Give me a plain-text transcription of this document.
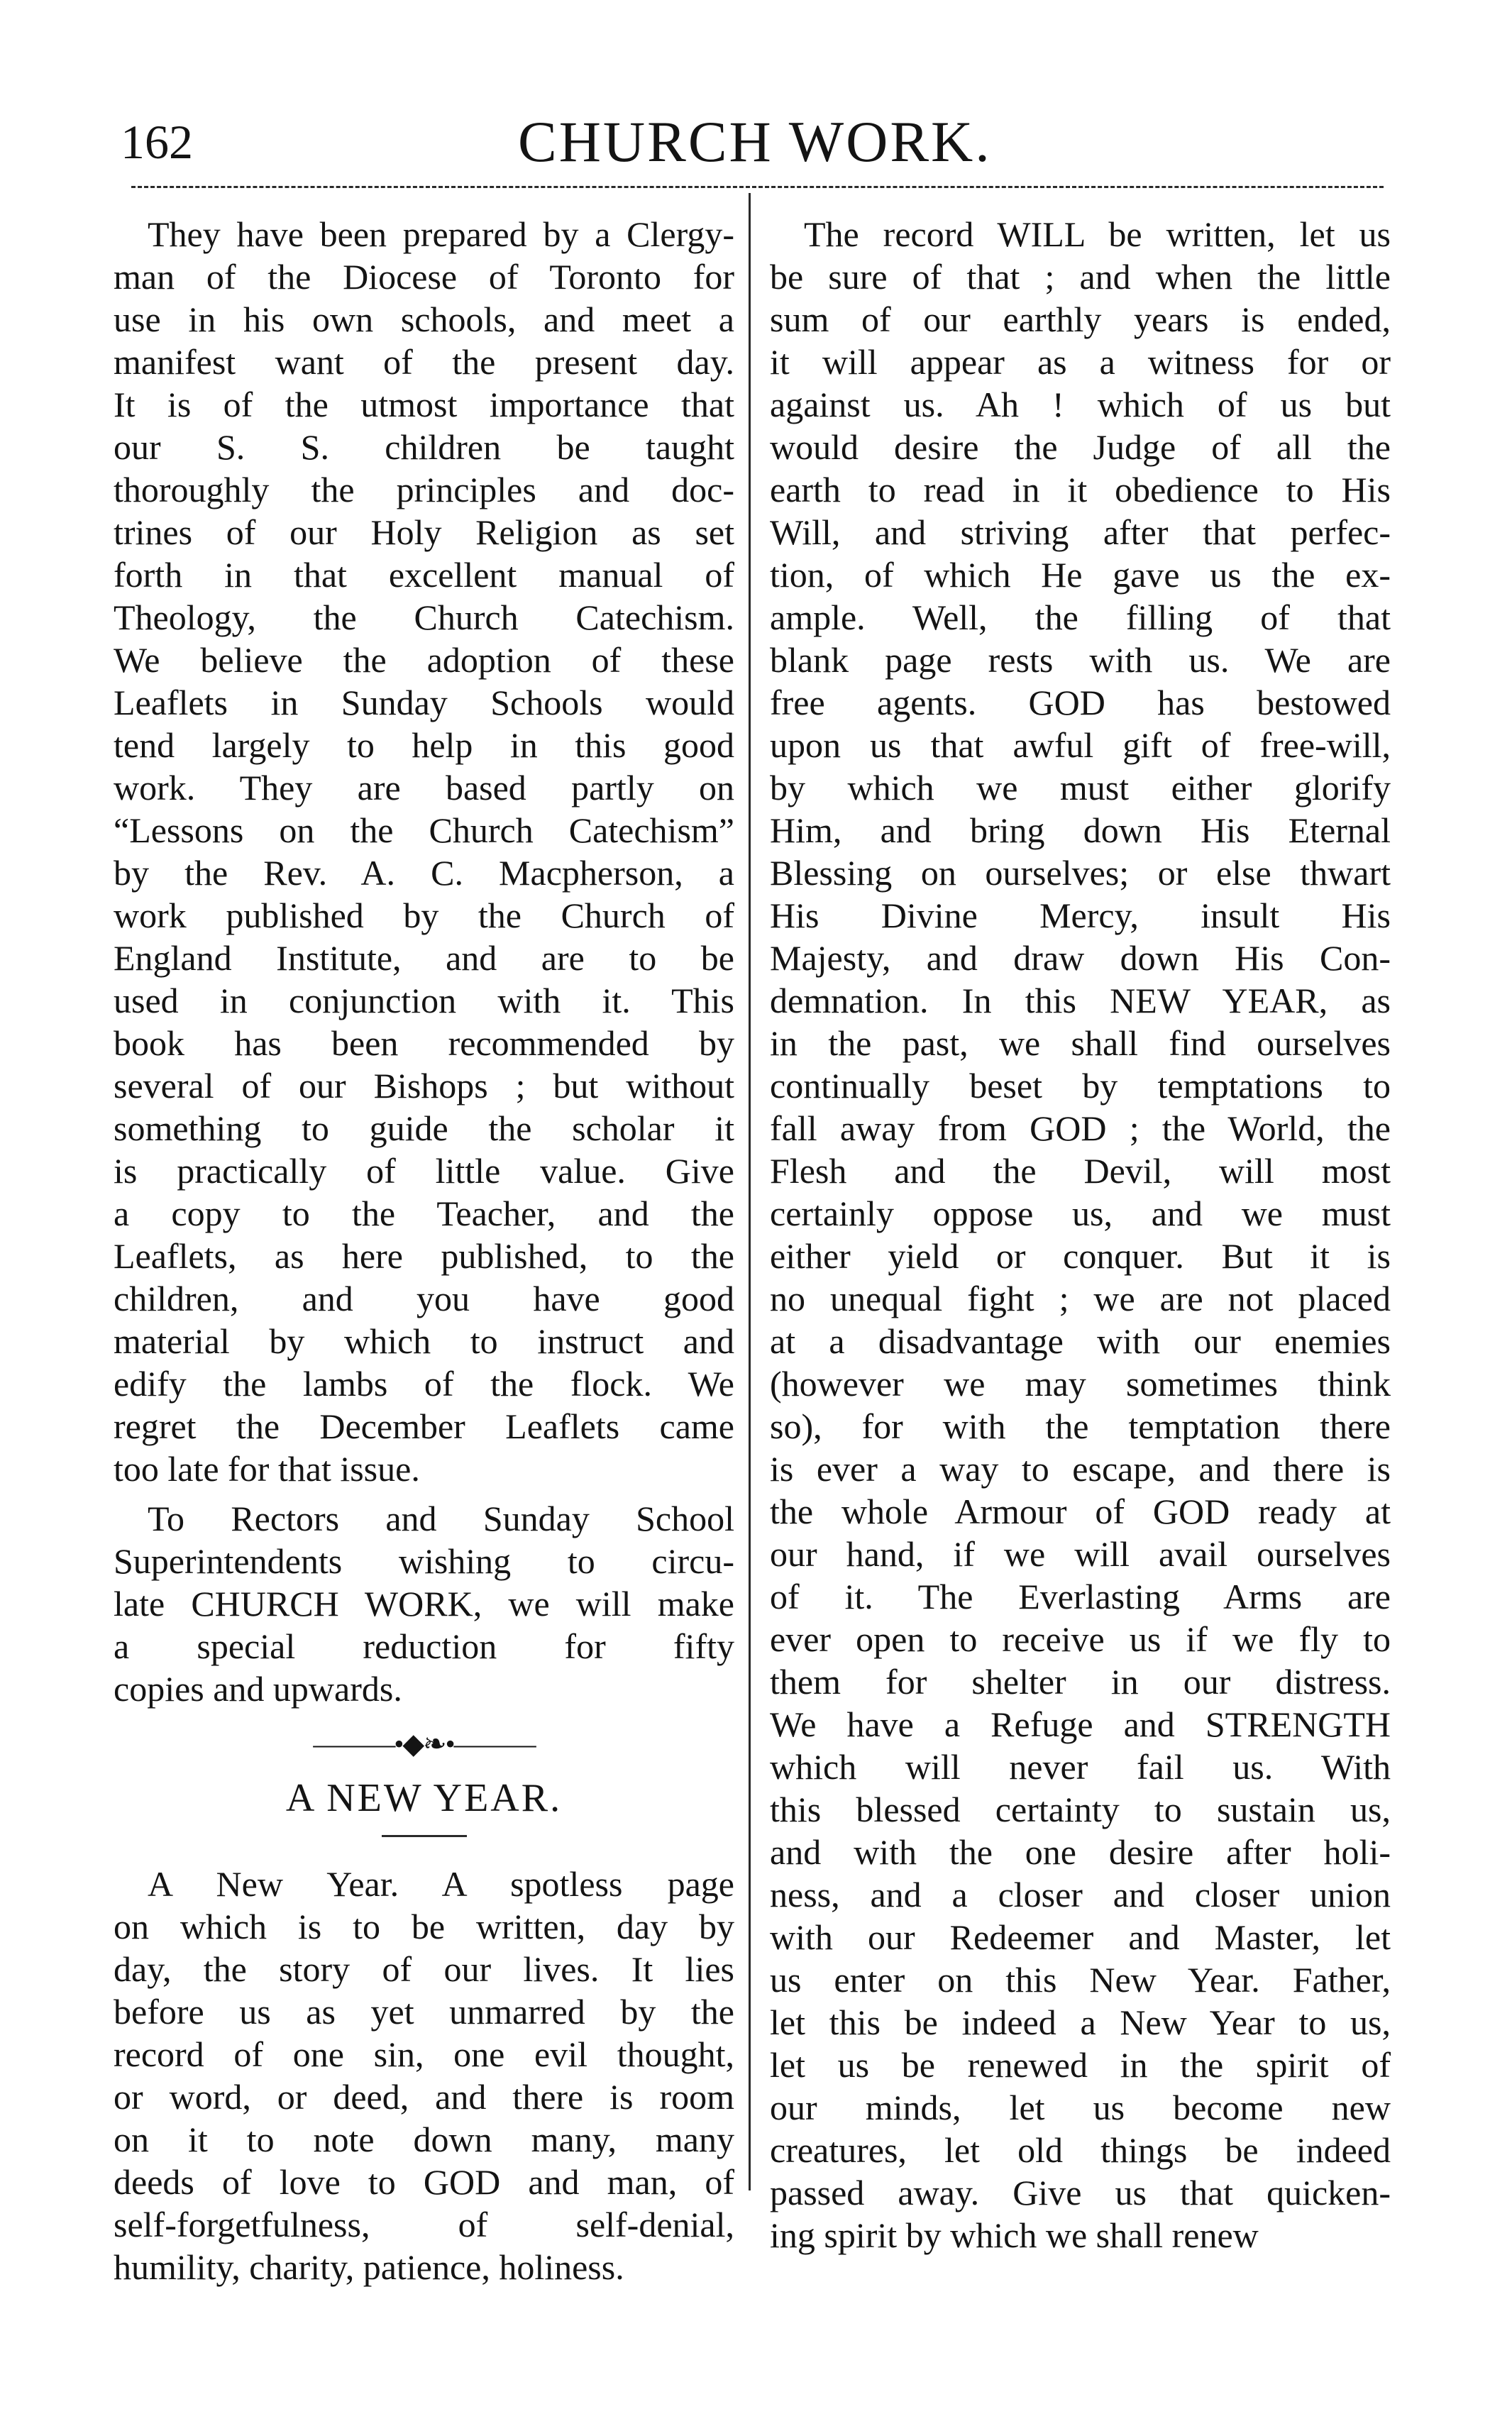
162	CHURCH WORK.

They have been prepared by a Clergy-
man of the Diocese of Toronto for
use in his own schools, and meet a
manifest want of the present day.
It is of the utmost importance that
our S. S. children be taught
thoroughly the principles and doc-
trines of our Holy Religion as set
forth in that excellent manual of
Theology, the Church Catechism.
We believe the adoption of these
Leaflets in Sunday Schools would
tend largely to help in this good
work. They are based partly on
“Lessons on the Church Catechism”
by the Rev. A. C. Macpherson, a
work published by the Church of
England Institute, and are to be
used in conjunction with it. This
book has been recommended by
several of our Bishops ; but without
something to guide the scholar it
is practically of little value. Give
a copy to the Teacher, and the
Leaflets, as here published, to the
children, and you have good
material by which to instruct and
edify the lambs of the flock. We
regret the December Leaflets came
too late for that issue.

To Rectors and Sunday School
Superintendents wishing to circu-
late CHURCH WORK, we will make
a special reduction for fifty
copies and upwards.

———•◆❧•———
A NEW YEAR.

A New Year. A spotless page
on which is to be written, day by
day, the story of our lives. It lies
before us as yet unmarred by the
record of one sin, one evil thought,
or word, or deed, and there is room
on it to note down many, many
deeds of love to GOD and man, of
self-forgetfulness, of self-denial,
humility, charity, patience, holiness.

The record WILL be written, let us
be sure of that ; and when the little
sum of our earthly years is ended,
it will appear as a witness for or
against us. Ah ! which of us but
would desire the Judge of all the
earth to read in it obedience to His
Will, and striving after that perfec-
tion, of which He gave us the ex-
ample. Well, the filling of that
blank page rests with us. We are
free agents. GOD has bestowed
upon us that awful gift of free-will,
by which we must either glorify
Him, and bring down His Eternal
Blessing on ourselves; or else thwart
His Divine Mercy, insult His
Majesty, and draw down His Con-
demnation. In this NEW YEAR, as
in the past, we shall find ourselves
continually beset by temptations to
fall away from GOD ; the World, the
Flesh and the Devil, will most
certainly oppose us, and we must
either yield or conquer. But it is
no unequal fight ; we are not placed
at a disadvantage with our enemies
(however we may sometimes think
so), for with the temptation there
is ever a way to escape, and there is
the whole Armour of GOD ready at
our hand, if we will avail ourselves
of it. The Everlasting Arms are
ever open to receive us if we fly to
them for shelter in our distress.
We have a Refuge and STRENGTH
which will never fail us. With
this blessed certainty to sustain us,
and with the one desire after holi-
ness, and a closer and closer union
with our Redeemer and Master, let
us enter on this New Year. Father,
let this be indeed a New Year to us,
let us be renewed in the spirit of
our minds, let us become new
creatures, let old things be indeed
passed away. Give us that quicken-
ing spirit by which we shall renew
